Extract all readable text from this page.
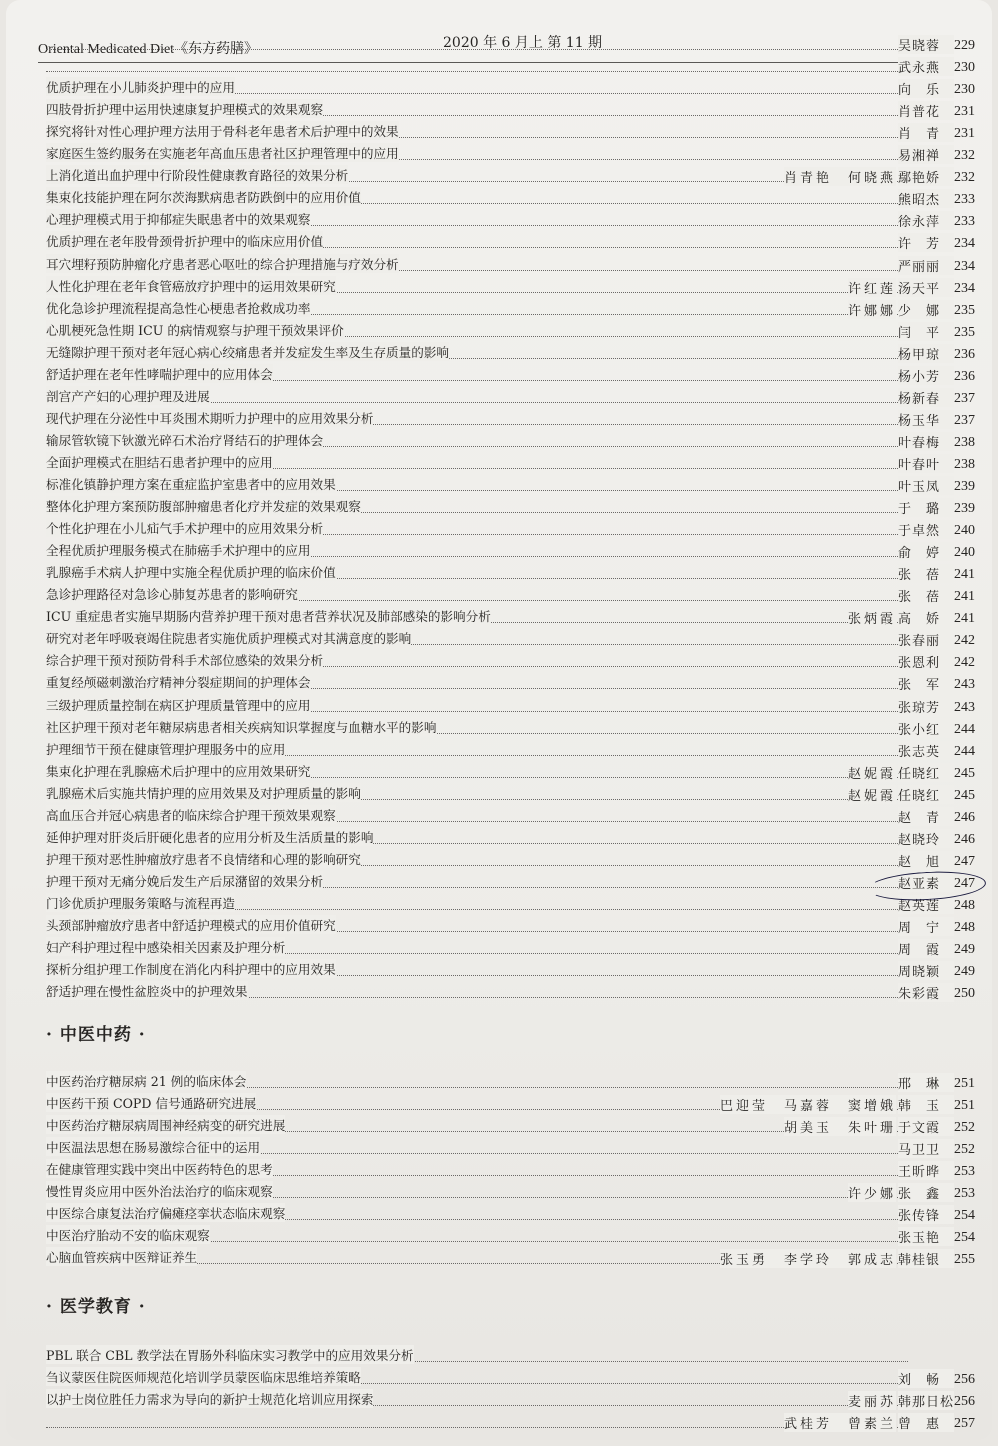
Oriental Medicated Diet《东方药膳》	2020 年 6 月上 第 11 期	吴晓蓉 229
武永燕 230
优质护理在小儿肺炎护理中的应用	向　乐 230
四肢骨折护理中运用快速康复护理模式的效果观察	肖普花 231
探究将针对性心理护理方法用于骨科老年患者术后护理中的效果	肖　青 231
家庭医生签约服务在实施老年高血压患者社区护理管理中的应用	易湘禅 232
上消化道出血护理中行阶段性健康教育路径的效果分析	肖青艳　何晓燕 鄢艳娇 232
集束化技能护理在阿尔茨海默病患者防跌倒中的应用价值	熊昭杰 233
心理护理模式用于抑郁症失眠患者中的效果观察	徐永萍 233
优质护理在老年股骨颈骨折护理中的临床应用价值	许　芳 234
耳穴埋籽预防肿瘤化疗患者恶心呕吐的综合护理措施与疗效分析	严丽丽 234
人性化护理在老年食管癌放疗护理中的运用效果研究	许红莲 汤天平 234
优化急诊护理流程提高急性心梗患者抢救成功率	许娜娜 少　娜 235
心肌梗死急性期 ICU 的病情观察与护理干预效果评价	闫　平 235
无缝隙护理干预对老年冠心病心绞痛患者并发症发生率及生存质量的影响	杨甲琼 236
舒适护理在老年性哮喘护理中的应用体会	杨小芳 236
剖宫产产妇的心理护理及进展	杨新春 237
现代护理在分泌性中耳炎围术期听力护理中的应用效果分析	杨玉华 237
输尿管软镜下钬激光碎石术治疗肾结石的护理体会	叶春梅 238
全面护理模式在胆结石患者护理中的应用	叶春叶 238
标准化镇静护理方案在重症监护室患者中的应用效果	叶玉凤 239
整体化护理方案预防腹部肿瘤患者化疗并发症的效果观察	于　璐 239
个性化护理在小儿疝气手术护理中的应用效果分析	于卓然 240
全程优质护理服务模式在肺癌手术护理中的应用	俞　婷 240
乳腺癌手术病人护理中实施全程优质护理的临床价值	张　蓓 241
急诊护理路径对急诊心肺复苏患者的影响研究	张　蓓 241
ICU 重症患者实施早期肠内营养护理干预对患者营养状况及肺部感染的影响分析	张炳霞 高　娇 241
研究对老年呼吸衰竭住院患者实施优质护理模式对其满意度的影响	张春丽 242
综合护理干预对预防骨科手术部位感染的效果分析	张恩利 242
重复经颅磁刺激治疗精神分裂症期间的护理体会	张　军 243
三级护理质量控制在病区护理质量管理中的应用	张琼芳 243
社区护理干预对老年糖尿病患者相关疾病知识掌握度与血糖水平的影响	张小红 244
护理细节干预在健康管理护理服务中的应用	张志英 244
集束化护理在乳腺癌术后护理中的应用效果研究	赵妮霞 任晓红 245
乳腺癌术后实施共情护理的应用效果及对护理质量的影响	赵妮霞 任晓红 245
高血压合并冠心病患者的临床综合护理干预效果观察	赵　青 246
延伸护理对肝炎后肝硬化患者的应用分析及生活质量的影响	赵晓玲 246
护理干预对恶性肿瘤放疗患者不良情绪和心理的影响研究	赵　旭 247
护理干预对无痛分娩后发生产后尿潴留的效果分析	赵亚素 247
门诊优质护理服务策略与流程再造	赵英莲 248
头颈部肿瘤放疗患者中舒适护理模式的应用价值研究	周　宁 248
妇产科护理过程中感染相关因素及护理分析	周　霞 249
探析分组护理工作制度在消化内科护理中的应用效果	周晓颖 249
舒适护理在慢性盆腔炎中的护理效果	朱彩霞 250
中医药治疗糖尿病 21 例的临床体会	邢　琳 251
中医药干预 COPD 信号通路研究进展	巴迎莹　马嘉蓉　窦增娥 韩　玉 251
中医药治疗糖尿病周围神经病变的研究进展	胡美玉　朱叶珊 于文霞 252
中医温法思想在肠易激综合征中的运用	马卫卫 252
在健康管理实践中突出中医药特色的思考	王昕晔 253
慢性胃炎应用中医外治法治疗的临床观察	许少娜 张　鑫 253
中医综合康复法治疗偏瘫痉挛状态临床观察	张传锋 254
中医治疗胎动不安的临床观察	张玉艳 254
心脑血管疾病中医辩证养生	张玉勇　李学玲　郭成志 韩桂银 255
PBL 联合 CBL 教学法在胃肠外科临床实习教学中的应用效果分析
刍议蒙医住院医师规范化培训学员蒙医临床思维培养策略	刘　畅 256
以护士岗位胜任力需求为导向的新护士规范化培训应用探索	麦丽苏 韩那日松 256
武桂芳　曾素兰 曾　惠 257
· 中医中药 ·
· 医学教育 ·
